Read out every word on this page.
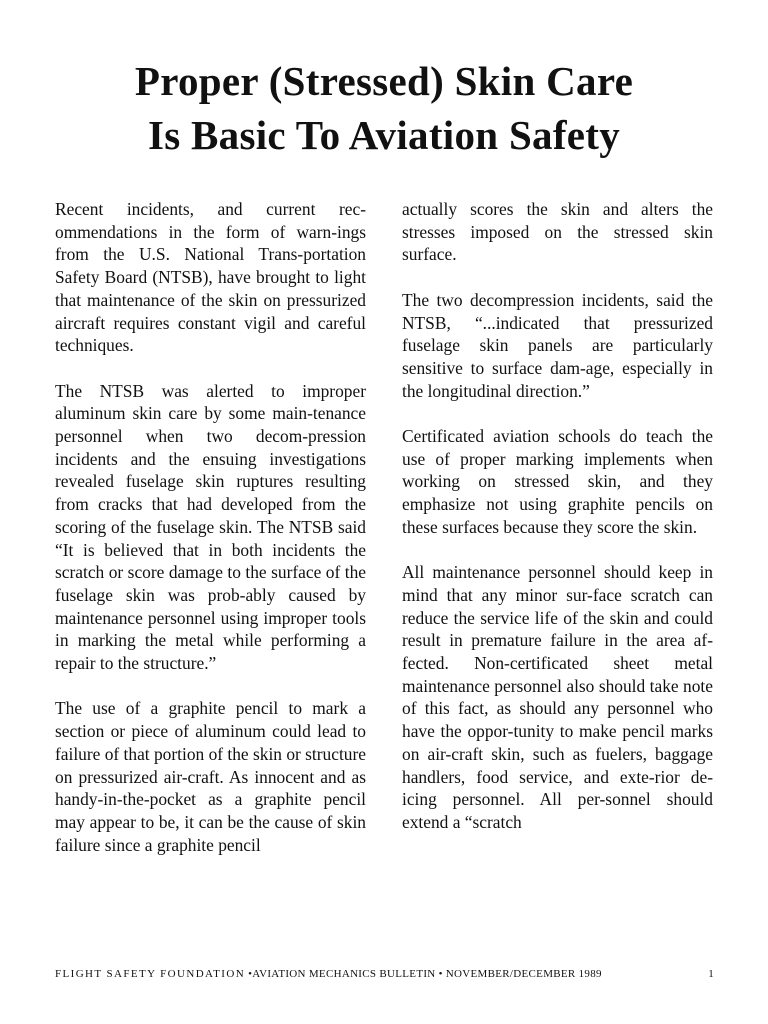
Proper (Stressed) Skin Care
Is Basic To Aviation Safety

Recent incidents, and current rec-ommendations in the form of warn-ings from the U.S. National Trans-portation Safety Board (NTSB), have brought to light that maintenance of the skin on pressurized aircraft requires constant vigil and careful techniques.

The NTSB was alerted to improper aluminum skin care by some main-tenance personnel when two decom-pression incidents and the ensuing investigations revealed fuselage skin ruptures resulting from cracks that had developed from the scoring of the fuselage skin. The NTSB said “It is believed that in both incidents the scratch or score damage to the surface of the fuselage skin was prob-ably caused by maintenance personnel using improper tools in marking the metal while performing a repair to the structure.”

The use of a graphite pencil to mark a section or piece of aluminum could lead to failure of that portion of the skin or structure on pressurized air-craft. As innocent and as handy-in-the-pocket as a graphite pencil may appear to be, it can be the cause of skin failure since a graphite pencil

actually scores the skin and alters the stresses imposed on the stressed skin surface.

The two decompression incidents, said the NTSB, “...indicated that pressurized fuselage skin panels are particularly sensitive to surface dam-age, especially in the longitudinal direction.”

Certificated aviation schools do teach the use of proper marking implements when working on stressed skin, and they emphasize not using graphite pencils on these surfaces because they score the skin.

All maintenance personnel should keep in mind that any minor sur-face scratch can reduce the service life of the skin and could result in premature failure in the area af-fected. Non-certificated sheet metal maintenance personnel also should take note of this fact, as should any personnel who have the oppor-tunity to make pencil marks on air-craft skin, such as fuelers, baggage handlers, food service, and exte-rior de-icing personnel. All per-sonnel should extend a “scratch

FLIGHT SAFETY FOUNDATION •AVIATION MECHANICS BULLETIN • NOVEMBER/DECEMBER 1989	1
